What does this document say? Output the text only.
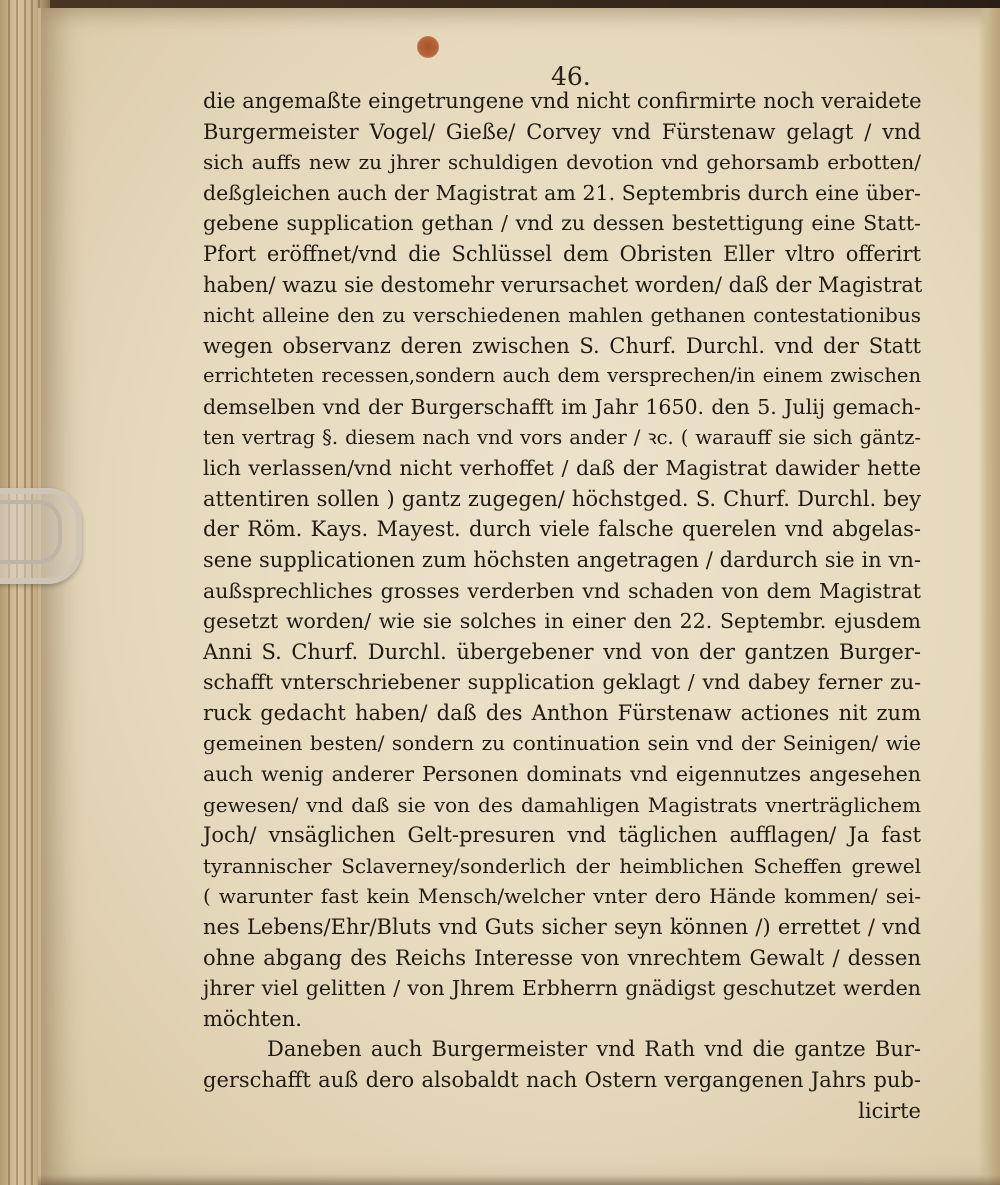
46.
die angemaßte eingetrungene vnd nicht confirmirte noch veraidete
Burgermeister Vogel/ Gieße/ Corvey vnd Fürstenaw gelagt / vnd
sich auffs new zu jhrer schuldigen devotion vnd gehorsamb erbotten/
deßgleichen auch der Magistrat am 21. Septembris durch eine über-
gebene supplication gethan / vnd zu dessen bestettigung eine Statt-
Pfort eröffnet/vnd die Schlüssel dem Obristen Eller vltro offerirt
haben/ wazu sie destomehr verursachet worden/ daß der Magistrat
nicht alleine den zu verschiedenen mahlen gethanen contestationibus
wegen observanz deren zwischen S. Churf. Durchl. vnd der Statt
errichteten recessen,sondern auch dem versprechen/in einem zwischen
demselben vnd der Burgerschafft im Jahr 1650. den 5. Julij gemach-
ten vertrag §. diesem nach vnd vors ander / ꝛc. ( warauff sie sich gäntz-
lich verlassen/vnd nicht verhoffet / daß der Magistrat dawider hette
attentiren sollen ) gantz zugegen/ höchstged. S. Churf. Durchl. bey
der Röm. Kays. Mayest. durch viele falsche querelen vnd abgelas-
sene supplicationen zum höchsten angetragen / dardurch sie in vn-
außsprechliches grosses verderben vnd schaden von dem Magistrat
gesetzt worden/ wie sie solches in einer den 22. Septembr. ejusdem
Anni S. Churf. Durchl. übergebener vnd von der gantzen Burger-
schafft vnterschriebener supplication geklagt / vnd dabey ferner zu-
ruck gedacht haben/ daß des Anthon Fürstenaw actiones nit zum
gemeinen besten/ sondern zu continuation sein vnd der Seinigen/ wie
auch wenig anderer Personen dominats vnd eigennutzes angesehen
gewesen/ vnd daß sie von des damahligen Magistrats vnerträglichem
Joch/ vnsäglichen Gelt-presuren vnd täglichen aufflagen/ Ja fast
tyrannischer Sclaverney/sonderlich der heimblichen Scheffen grewel
( warunter fast kein Mensch/welcher vnter dero Hände kommen/ sei-
nes Lebens/Ehr/Bluts vnd Guts sicher seyn können /) errettet / vnd
ohne abgang des Reichs Interesse von vnrechtem Gewalt / dessen
jhrer viel gelitten / von Jhrem Erbherrn gnädigst geschutzet werden
möchten.
Daneben auch Burgermeister vnd Rath vnd die gantze Bur-
gerschafft auß dero alsobaldt nach Ostern vergangenen Jahrs pub-
licirte
